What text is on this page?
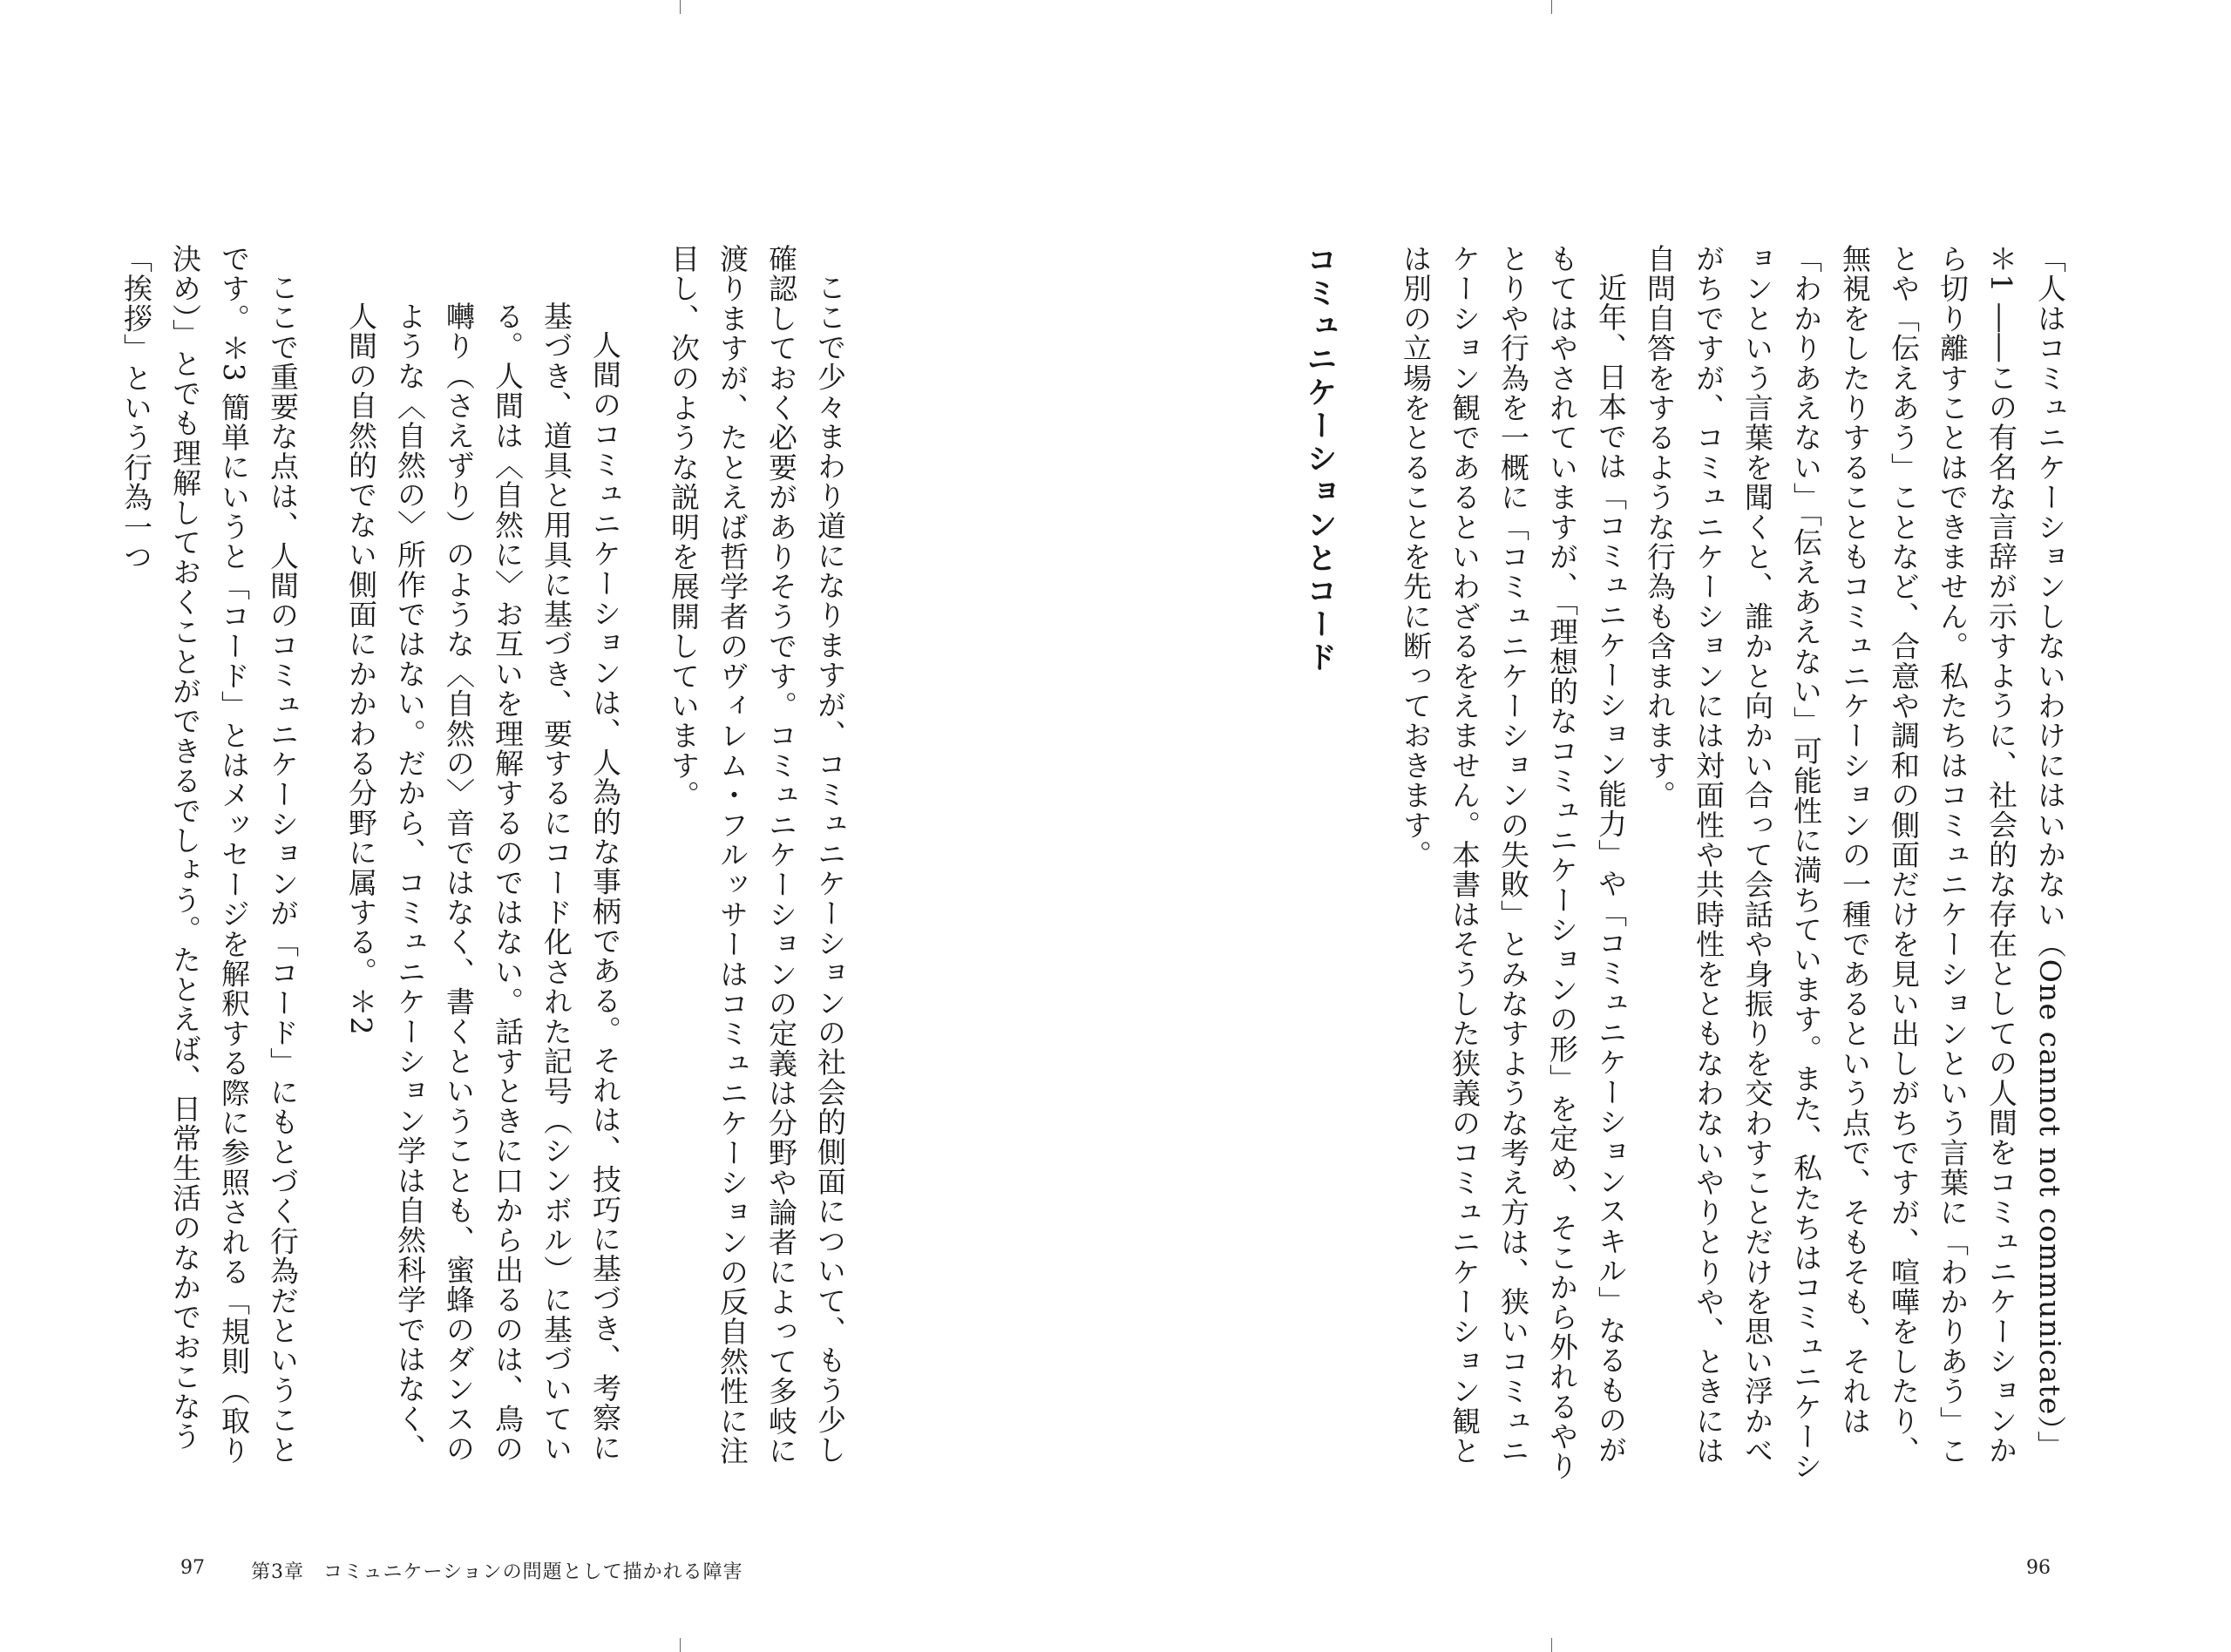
「人はコミュニケーションしないわけにはいかない（One cannot not communicate）」＊1 ――この有名な言辞が示すように、社会的な存在としての人間をコミュニケーションから切り離すことはできません。私たちはコミュニケーションという言葉に「わかりあう」ことや「伝えあう」ことなど、合意や調和の側面だけを見い出しがちですが、喧嘩をしたり、無視をしたりすることもコミュニケーションの一種であるという点で、そもそも、それは「わかりあえない」「伝えあえない」可能性に満ちています。また、私たちはコミュニケーションという言葉を聞くと、誰かと向かい合って会話や身振りを交わすことだけを思い浮かべがちですが、コミュニケーションには対面性や共時性をともなわないやりとりや、ときには自問自答をするような行為も含まれます。

近年、日本では「コミュニケーション能力」や「コミュニケーションスキル」なるものがもてはやされていますが、「理想的なコミュニケーションの形」を定め、そこから外れるやりとりや行為を一概に「コミュニケーションの失敗」とみなすような考え方は、狭いコミュニケーション観であるといわざるをえません。本書はそうした狭義のコミュニケーション観とは別の立場をとることを先に断っておきます。

コミュニケーションとコード

ここで少々まわり道になりますが、コミュニケーションの社会的側面について、もう少し確認しておく必要がありそうです。コミュニケーションの定義は分野や論者によって多岐に渡りますが、たとえば哲学者のヴィレム・フルッサーはコミュニケーションの反自然性に注目し、次のような説明を展開しています。

人間のコミュニケーションは、人為的な事柄である。それは、技巧に基づき、考察に基づき、道具と用具に基づき、要するにコード化された記号（シンボル）に基づいている。人間は〈自然に〉お互いを理解するのではない。話すときに口から出るのは、鳥の囀り（さえずり）のような〈自然の〉音ではなく、書くということも、蜜蜂のダンスのような〈自然の〉所作ではない。だから、コミュニケーション学は自然科学ではなく、人間の自然的でない側面にかかわる分野に属する。＊2

ここで重要な点は、人間のコミュニケーションが「コード」にもとづく行為だということです。＊3 簡単にいうと「コード」とはメッセージを解釈する際に参照される「規則（取り決め）」とでも理解しておくことができるでしょう。たとえば、日常生活のなかでおこなう「挨拶」という行為一つ

97 第3章 コミュニケーションの問題として描かれる障害	96
